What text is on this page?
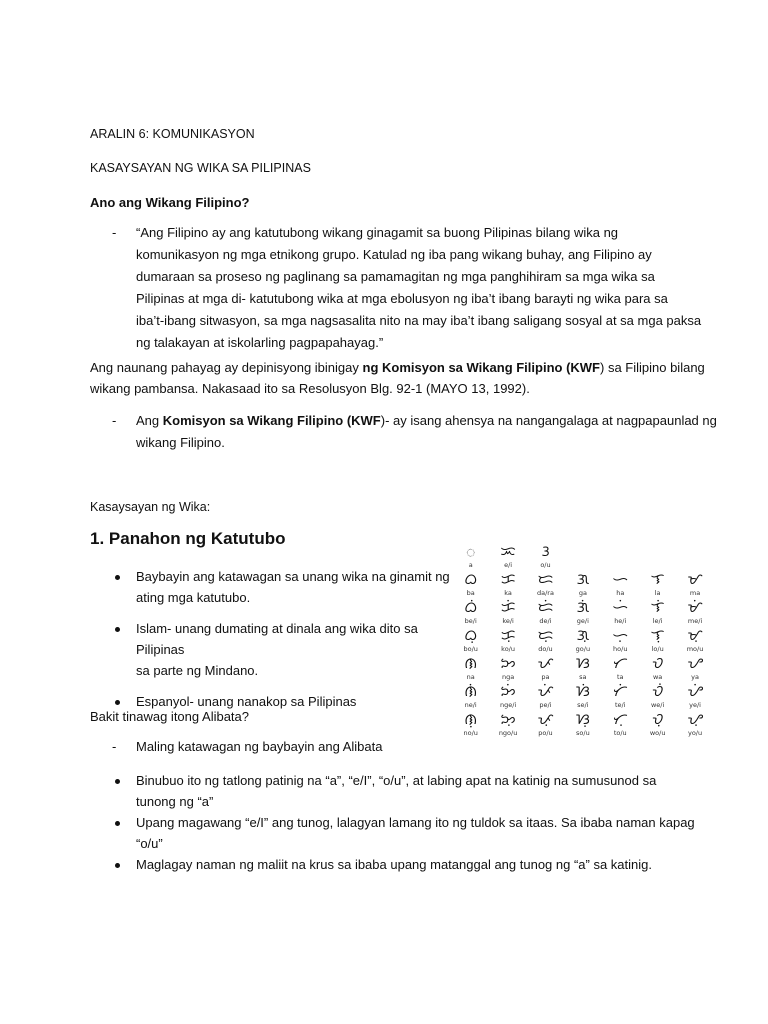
ARALIN 6: KOMUNIKASYON
KASAYSAYAN NG WIKA SA PILIPINAS
Ano ang Wikang Filipino?
- “Ang Filipino ay ang katutubong wikang ginagamit sa buong Pilipinas bilang wika ng
komunikasyon ng mga etnikong grupo. Katulad ng iba pang wikang buhay, ang Filipino ay
dumaraan sa proseso ng paglinang sa pamamagitan ng mga panghihiram sa mga wika sa
Pilipinas at mga di- katutubong wika at mga ebolusyon ng iba’t ibang barayti ng wika para sa
iba’t-ibang sitwasyon, sa mga nagsasalita nito na may iba’t ibang saligang sosyal at sa mga paksa
ng talakayan at iskolarling pagpapahayag.”
Ang naunang pahayag ay depinisyong ibinigay ng Komisyon sa Wikang Filipino (KWF) sa Filipino bilang
wikang pambansa. Nakasaad ito sa Resolusyon Blg. 92-1 (MAYO 13, 1992).
- Ang Komisyon sa Wikang Filipino (KWF)- ay isang ahensya na nangangalaga at nagpapaunlad ng
wikang Filipino.
Kasaysayan ng Wika:
1. Panahon ng Katutubo
Baybayin ang katawagan sa unang wika na ginamit ng
ating mga katutubo.
Islam- unang dumating at dinala ang wika dito sa Pilipinas
sa parte ng Mindano.
Espanyol- unang nanakop sa Pilipinas
Bakit tinawag itong Alibata?
- Maling katawagan ng baybayin ang Alibata
Binubuo ito ng tatlong patinig na “a”, “e/I”, “o/u”, at labing apat na katinig na sumusunod sa
tunong ng “a”
Upang magawang “e/I” ang tunog, lalagyan lamang ito ng tuldok sa itaas. Sa ibaba naman kapag
“o/u”
Maglagay naman ng maliit na krus sa ibaba upang matanggal ang tunog ng “a” sa katinig.
ᜀ
a
ᜁ
e/i
ᜂ
o/u
ᜊ
ba
ᜃ
ka
ᜇ
da/ra
ᜄ
ga
ᜑ
ha
ᜎ
la
ᜋ
ma
ᜊᜒ
be/i
ᜃᜒ
ke/i
ᜇᜒ
de/i
ᜄᜒ
ge/i
ᜑᜒ
he/i
ᜎᜒ
le/i
ᜋᜒ
me/i
ᜊᜓ
bo/u
ᜃᜓ
ko/u
ᜇᜓ
do/u
ᜄᜓ
go/u
ᜑᜓ
ho/u
ᜎᜓ
lo/u
ᜋᜓ
mo/u
ᜈ
na
ᜅ
nga
ᜉ
pa
ᜐ
sa
ᜆ
ta
ᜏ
wa
ᜌ
ya
ᜈᜒ
ne/i
ᜅᜒ
nge/i
ᜉᜒ
pe/i
ᜐᜒ
se/i
ᜆᜒ
te/i
ᜏᜒ
we/i
ᜌᜒ
ye/i
ᜈᜓ
no/u
ᜅᜓ
ngo/u
ᜉᜓ
po/u
ᜐᜓ
so/u
ᜆᜓ
to/u
ᜏᜓ
wo/u
ᜌᜓ
yo/u
